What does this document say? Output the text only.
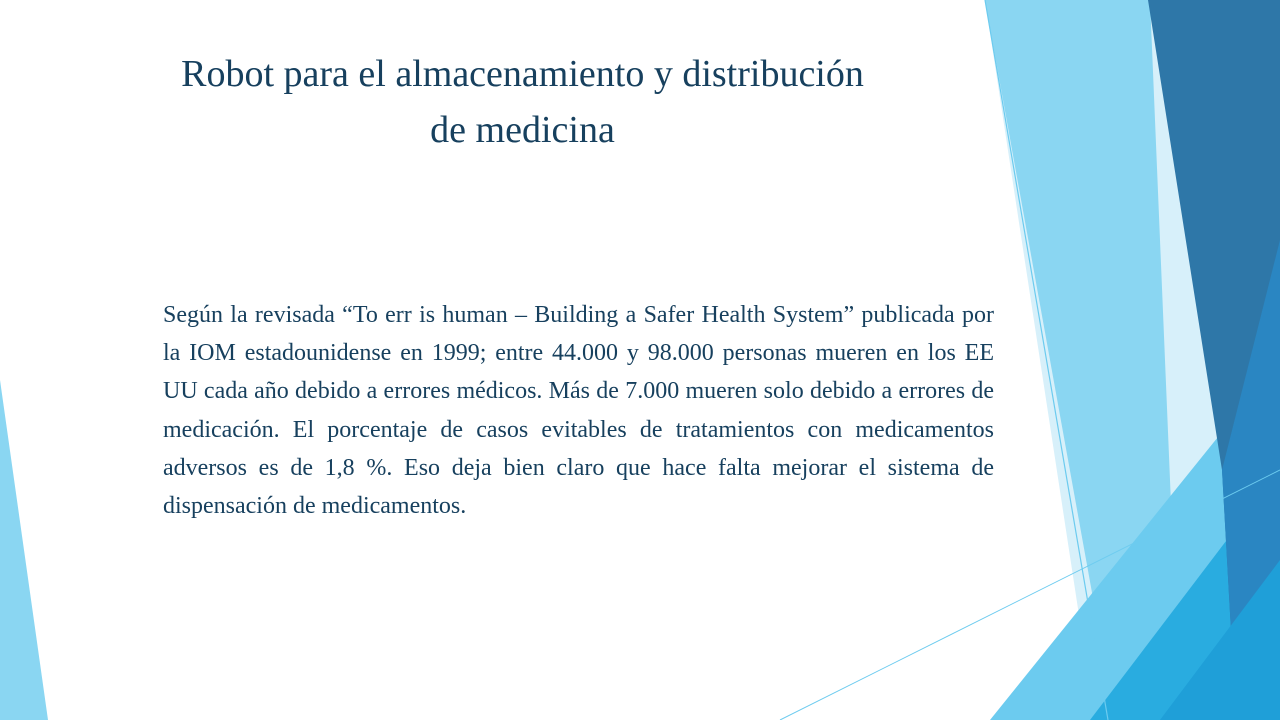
Robot para el almacenamiento y distribución
de medicina

Según la revisada “To err is human – Building a Safer Health System” publicada por la IOM estadounidense en 1999; entre 44.000 y 98.000 personas mueren en los EE UU cada año debido a errores médicos. Más de 7.000 mueren solo debido a errores de medicación. El porcentaje de casos evitables de tratamientos con medicamentos adversos es de 1,8 %. Eso deja bien claro que hace falta mejorar el sistema de dispensación de medicamentos.
